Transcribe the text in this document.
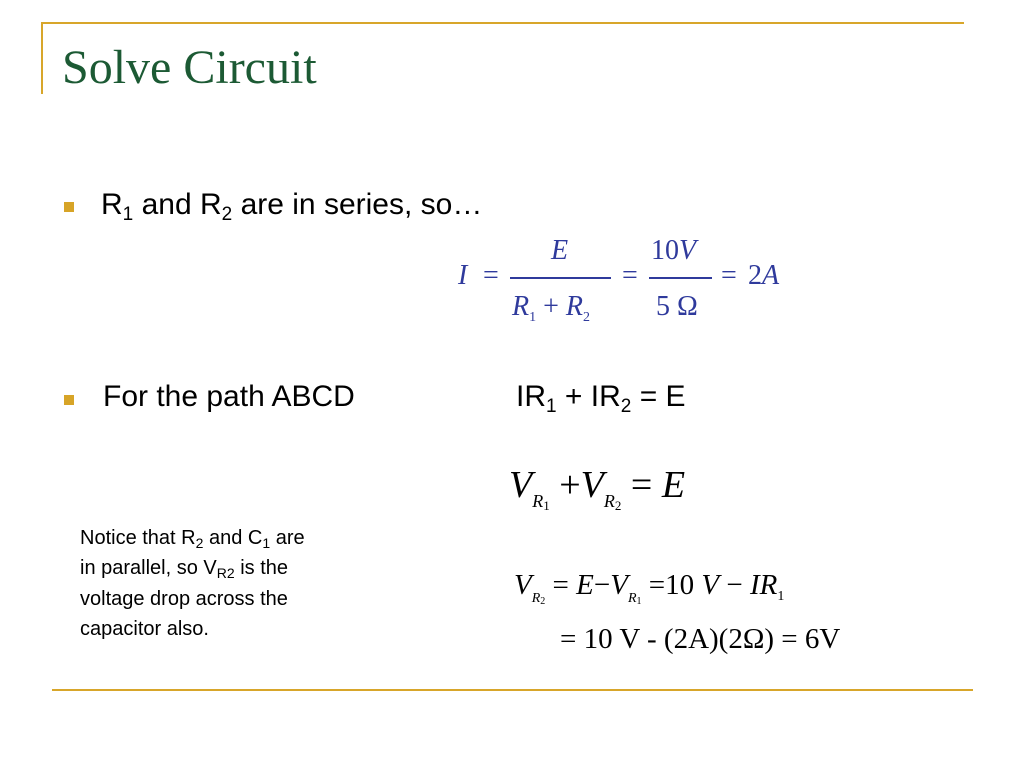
Solve Circuit
$R_1$ and $R_2$ are in series, so…
I =
E
$R_1 + R_2$
=
10V
5 Ω
= 2A
For the path ABCD	$IR_1 + IR_2 = E$
$V_{R1} +V_{R2} = E$
$V_{R2} = E-V_{R1} =10$ $V - IR_1$
= 10 V - (2A)(2Ω) = 6V
Notice that $R_2$ and $C_1$ are
in parallel, so $V_{R2}$ is the
voltage drop across the
capacitor also.
